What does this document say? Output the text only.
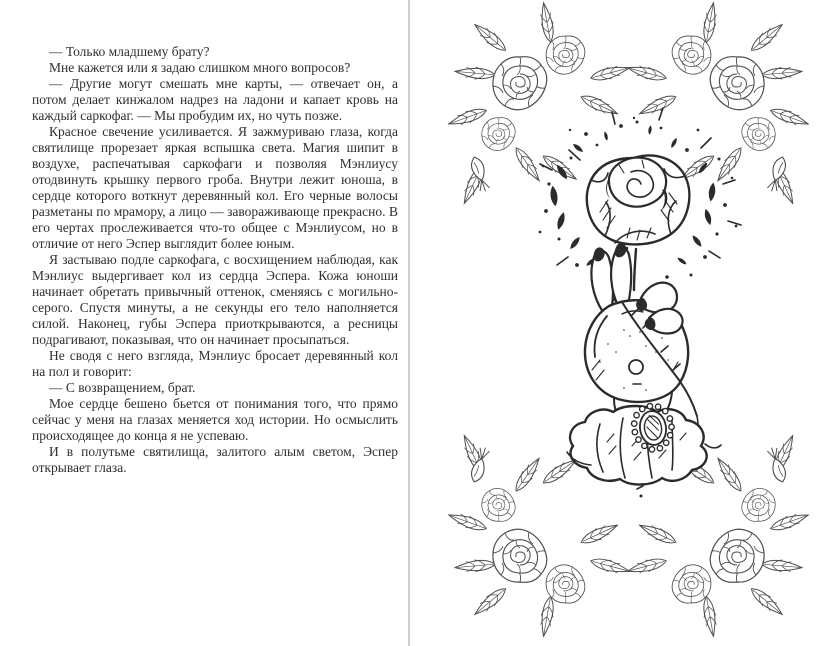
— Только младшему брату?

Мне кажется или я задаю слишком много вопросов?

— Другие могут смешать мне карты, — отвечает он, а потом делает кинжалом надрез на ладони и капает кровь на каждый саркофаг. — Мы пробудим их, но чуть позже.

Красное свечение усиливается. Я зажмуриваю глаза, когда святилище прорезает яркая вспышка света. Магия шипит в воздухе, распечатывая саркофаги и позволяя Мэнлиусу отодвинуть крышку первого гроба. Внутри лежит юноша, в сердце которого воткнут деревянный кол. Его черные волосы разметаны по мрамору, а лицо — завораживающе прекрасно. В его чертах прослеживается что-то общее с Мэнлиусом, но в отличие от него Эспер выглядит более юным.

Я застываю подле саркофага, с восхищением наблюдая, как Мэнлиус выдергивает кол из сердца Эспера. Кожа юноши начинает обретать привычный оттенок, сменяясь с могильно-серого. Спустя минуты, а не секунды его тело наполняется силой. Наконец, губы Эспера приоткрываются, а ресницы подрагивают, показывая, что он начинает просыпаться.

Не сводя с него взгляда, Мэнлиус бросает деревянный кол на пол и говорит:

— С возвращением, брат.

Мое сердце бешено бьется от понимания того, что прямо сейчас у меня на глазах меняется ход истории. Но осмыслить происходящее до конца я не успеваю.

И в полутьме святилища, залитого алым светом, Эспер открывает глаза.
